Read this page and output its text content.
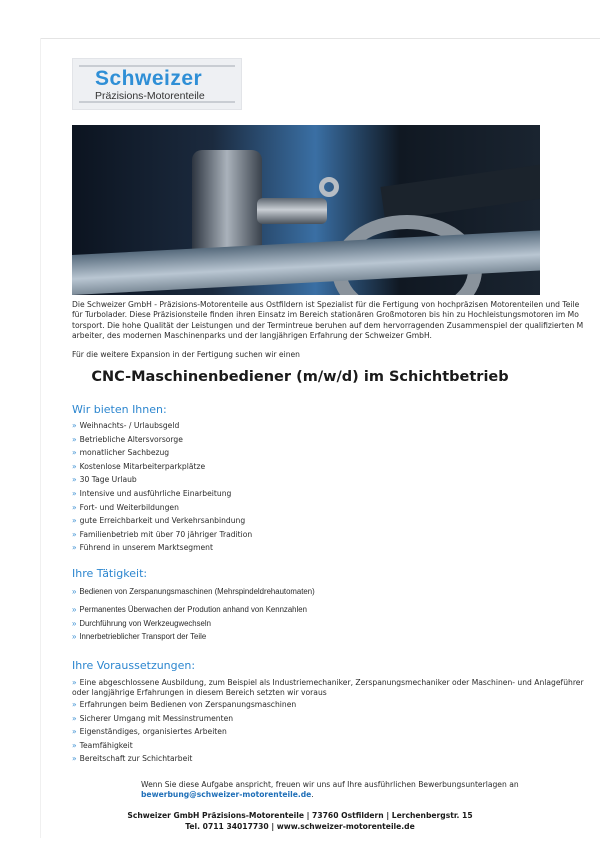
Schweizer
Präzisions-Motorenteile

Die Schweizer GmbH - Präzisions-Motorenteile aus Ostfildern ist Spezialist für die Fertigung von hochpräzisen Motorenteilen und Teile

für Turbolader. Diese Präzisionsteile finden ihren Einsatz im Bereich stationären Großmotoren bis hin zu Hochleistungsmotoren im Mo

torsport. Die hohe Qualität der Leistungen und der Termintreue beruhen auf dem hervorragenden Zusammenspiel der qualifizierten M

arbeiter, des modernen Maschinenparks und der langjährigen Erfahrung der Schweizer GmbH.

Für die weitere Expansion in der Fertigung suchen wir einen
CNC-Maschinenbediener (m/w/d) im Schichtbetrieb
Wir bieten Ihnen:
» Weihnachts- / Urlaubsgeld
» Betriebliche Altersvorsorge
» monatlicher Sachbezug
» Kostenlose Mitarbeiterparkplätze
» 30 Tage Urlaub
» Intensive und ausführliche Einarbeitung
» Fort- und Weiterbildungen
» gute Erreichbarkeit und Verkehrsanbindung
» Familienbetrieb mit über 70 jähriger Tradition
» Führend in unserem Marktsegment
Ihre Tätigkeit:
» Bedienen von Zerspanungsmaschinen (Mehrspindeldrehautomaten)
» Permanentes Überwachen der Prodution anhand von Kennzahlen
» Durchführung von Werkzeugwechseln
» Innerbetrieblicher Transport der Teile
Ihre Voraussetzungen:
» Eine abgeschlossene Ausbildung, zum Beispiel als Industriemechaniker, Zerspanungsmechaniker oder Maschinen- und Anlageführer
oder langjährige Erfahrungen in diesem Bereich setzten wir voraus
» Erfahrungen beim Bedienen von Zerspanungsmaschinen
» Sicherer Umgang mit Messinstrumenten
» Eigenständiges, organisiertes Arbeiten
» Teamfähigkeit
» Bereitschaft zur Schichtarbeit
Wenn Sie diese Aufgabe anspricht, freuen wir uns auf Ihre ausführlichen Bewerbungsunterlagen an
bewerbung@schweizer-motorenteile.de.
Schweizer GmbH Präzisions-Motorenteile | 73760 Ostfildern | Lerchenbergstr. 15
Tel. 0711 34017730 | www.schweizer-motorenteile.de
